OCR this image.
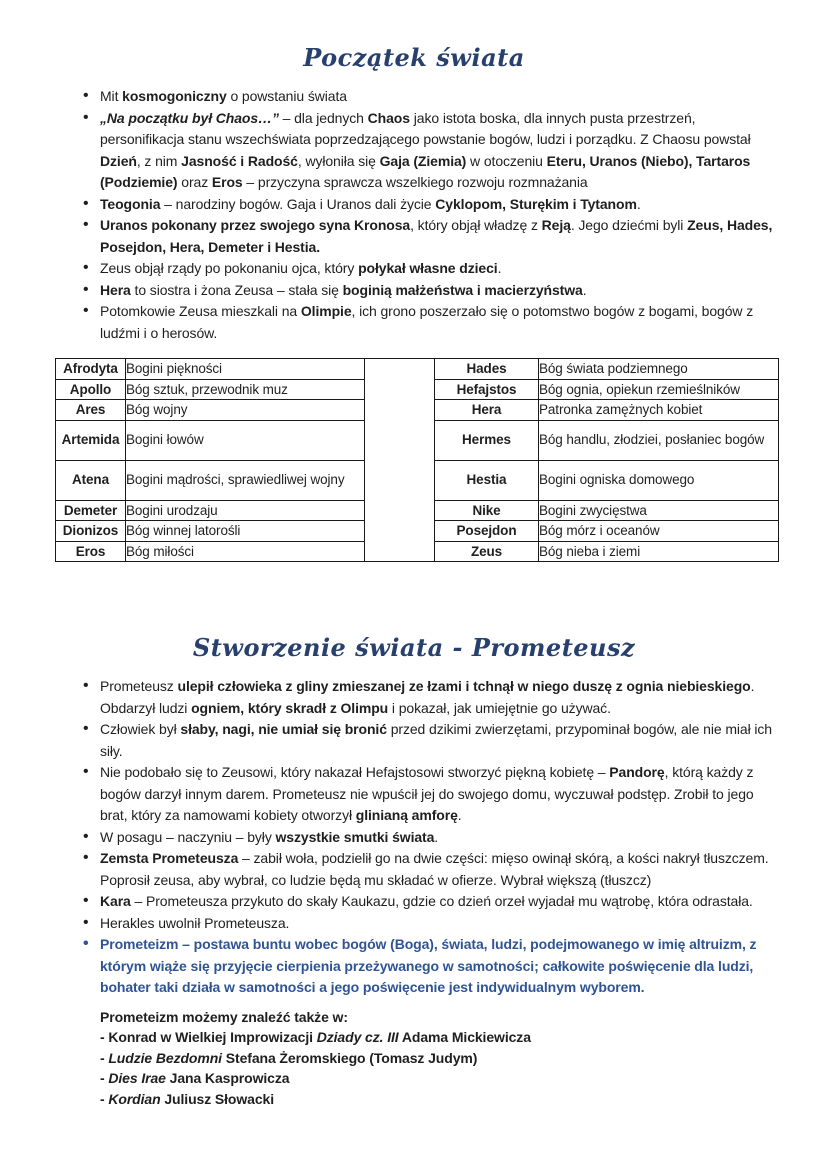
Początek świata
• Mit kosmogoniczny o powstaniu świata
• „Na początku był Chaos…” – dla jednych Chaos jako istota boska, dla innych pusta przestrzeń, personifikacja stanu wszechświata poprzedzającego powstanie bogów, ludzi i porządku. Z Chaosu powstał Dzień, z nim Jasność i Radość, wyłoniła się Gaja (Ziemia) w otoczeniu Eteru, Uranos (Niebo), Tartaros (Podziemie) oraz Eros – przyczyna sprawcza wszelkiego rozwoju rozmnażania
• Teogonia – narodziny bogów. Gaja i Uranos dali życie Cyklopom, Sturękim i Tytanom.
• Uranos pokonany przez swojego syna Kronosa, który objął władzę z Reją. Jego dziećmi byli Zeus, Hades, Posejdon, Hera, Demeter i Hestia.
• Zeus objął rządy po pokonaniu ojca, który połykał własne dzieci.
• Hera to siostra i żona Zeusa – stała się boginią małżeństwa i macierzyństwa.
• Potomkowie Zeusa mieszkali na Olimpie, ich grono poszerzało się o potomstwo bogów z bogami, bogów z ludźmi i o herosów.
Afrodyta	Bogini piękności		Hades	Bóg świata podziemnego
Apollo	Bóg sztuk, przewodnik muz		Hefajstos	Bóg ognia, opiekun rzemieślników
Ares	Bóg wojny		Hera	Patronka zamężnych kobiet
Artemida	Bogini łowów		Hermes	Bóg handlu, złodziei, posłaniec bogów
Atena	Bogini mądrości, sprawiedliwej wojny		Hestia	Bogini ogniska domowego
Demeter	Bogini urodzaju		Nike	Bogini zwycięstwa
Dionizos	Bóg winnej latorośli		Posejdon	Bóg mórz i oceanów
Eros	Bóg miłości		Zeus	Bóg nieba i ziemi
Stworzenie świata - Prometeusz
• Prometeusz ulepił człowieka z gliny zmieszanej ze łzami i tchnął w niego duszę z ognia niebieskiego. Obdarzył ludzi ogniem, który skradł z Olimpu i pokazał, jak umiejętnie go używać.
• Człowiek był słaby, nagi, nie umiał się bronić przed dzikimi zwierzętami, przypominał bogów, ale nie miał ich siły.
• Nie podobało się to Zeusowi, który nakazał Hefajstosowi stworzyć piękną kobietę – Pandorę, którą każdy z bogów darzył innym darem. Prometeusz nie wpuścił jej do swojego domu, wyczuwał podstęp. Zrobił to jego brat, który za namowami kobiety otworzył glinianą amforę.
• W posagu – naczyniu – były wszystkie smutki świata.
• Zemsta Prometeusza – zabił woła, podzielił go na dwie części: mięso owinął skórą, a kości nakrył tłuszczem. Poprosił zeusa, aby wybrał, co ludzie będą mu składać w ofierze. Wybrał większą (tłuszcz)
• Kara – Prometeusza przykuto do skały Kaukazu, gdzie co dzień orzeł wyjadał mu wątrobę, która odrastała.
• Herakles uwolnił Prometeusza.
• Prometeizm – postawa buntu wobec bogów (Boga), świata, ludzi, podejmowanego w imię altruizm, z którym wiąże się przyjęcie cierpienia przeżywanego w samotności; całkowite poświęcenie dla ludzi, bohater taki działa w samotności a jego poświęcenie jest indywidualnym wyborem.
Prometeizm możemy znaleźć także w:
- Konrad w Wielkiej Improwizacji Dziady cz. III Adama Mickiewicza
- Ludzie Bezdomni Stefana Żeromskiego (Tomasz Judym)
- Dies Irae Jana Kasprowicza
- Kordian Juliusz Słowacki
